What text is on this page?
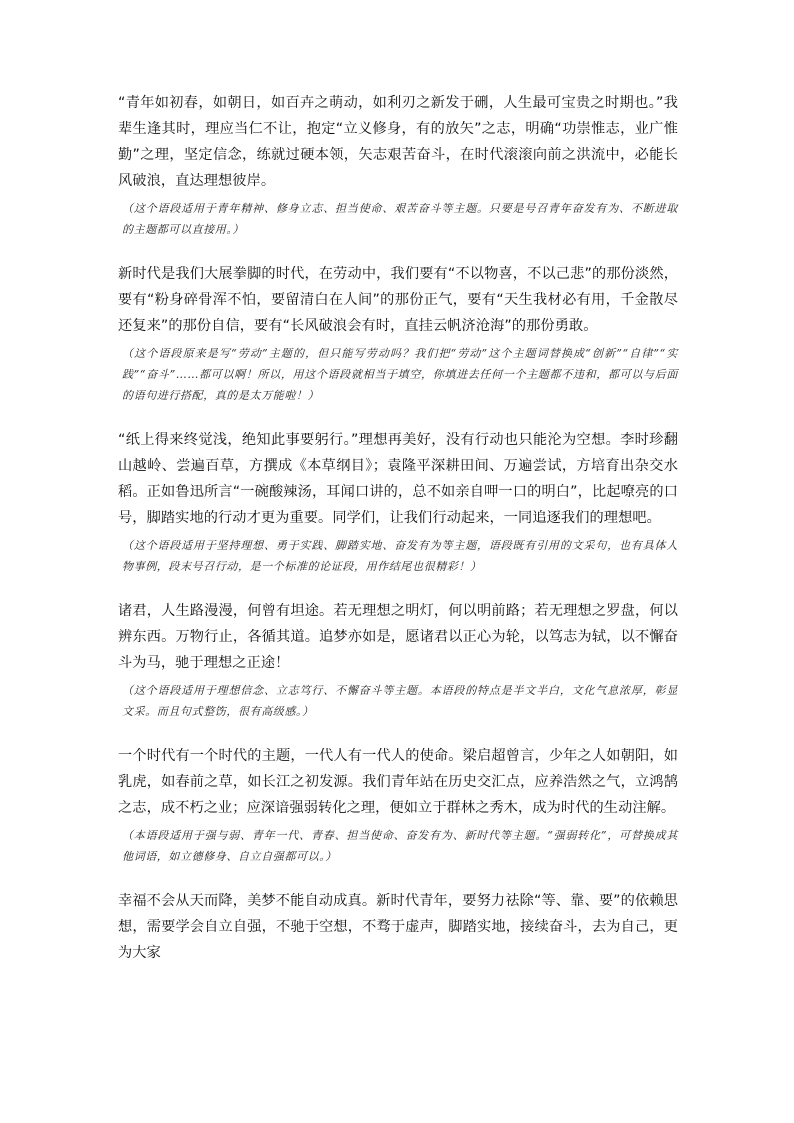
“青年如初春，如朝日，如百卉之萌动，如利刃之新发于硎，人生最可宝贵之时期也。”我辈生逢其时，理应当仁不让，抱定“立义修身，有的放矢”之志，明确“功崇惟志，业广惟勤”之理，坚定信念，练就过硬本领，矢志艰苦奋斗，在时代滚滚向前之洪流中，必能长风破浪，直达理想彼岸。

（这个语段适用于青年精神、修身立志、担当使命、艰苦奋斗等主题。只要是号召青年奋发有为、不断进取的主题都可以直接用。）

新时代是我们大展拳脚的时代，在劳动中，我们要有“不以物喜，不以己悲”的那份淡然，要有“粉身碎骨浑不怕，要留清白在人间”的那份正气，要有“天生我材必有用，千金散尽还复来”的那份自信，要有“长风破浪会有时，直挂云帆济沧海”的那份勇敢。

（这个语段原来是写“劳动”主题的，但只能写劳动吗？我们把“劳动”这个主题词替换成“创新”“自律”“实践”“奋斗”……都可以啊！所以，用这个语段就相当于填空，你填进去任何一个主题都不违和，都可以与后面的语句进行搭配，真的是太万能啦！）

“纸上得来终觉浅，绝知此事要躬行。”理想再美好，没有行动也只能沦为空想。李时珍翻山越岭、尝遍百草，方撰成《本草纲目》；袁隆平深耕田间、万遍尝试，方培育出杂交水稻。正如鲁迅所言“一碗酸辣汤，耳闻口讲的，总不如亲自呷一口的明白”，比起嘹亮的口号，脚踏实地的行动才更为重要。同学们，让我们行动起来，一同追逐我们的理想吧。

（这个语段适用于坚持理想、勇于实践、脚踏实地、奋发有为等主题，语段既有引用的文采句，也有具体人物事例，段末号召行动，是一个标准的论证段，用作结尾也很精彩！）

诸君，人生路漫漫，何曾有坦途。若无理想之明灯，何以明前路；若无理想之罗盘，何以辨东西。万物行止，各循其道。追梦亦如是，愿诸君以正心为轮，以笃志为轼，以不懈奋斗为马，驰于理想之正途！

（这个语段适用于理想信念、立志笃行、不懈奋斗等主题。本语段的特点是半文半白，文化气息浓厚，彰显文采。而且句式整饬，很有高级感。）

一个时代有一个时代的主题，一代人有一代人的使命。梁启超曾言，少年之人如朝阳，如乳虎，如春前之草，如长江之初发源。我们青年站在历史交汇点，应养浩然之气，立鸿鹄之志，成不朽之业；应深谙强弱转化之理，便如立于群林之秀木，成为时代的生动注解。

（本语段适用于强与弱、青年一代、青春、担当使命、奋发有为、新时代等主题。“强弱转化”，可替换成其他词语，如立德修身、自立自强都可以。）

幸福不会从天而降，美梦不能自动成真。新时代青年，要努力祛除“等、靠、要”的依赖思想，需要学会自立自强，不驰于空想，不骛于虚声，脚踏实地，接续奋斗，去为自己，更为大家
